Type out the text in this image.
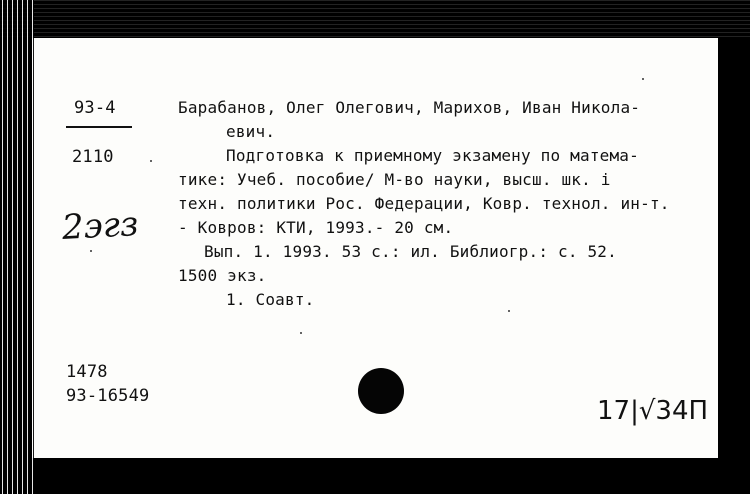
93-4
2110
2эгз
Барабанов, Олег Олегович, Марихов, Иван Никола-
евич.
Подготовка к приемному экзамену по матема-
тике: Учеб. пособие/ М-во науки, высш. шк. i
техн. политики Рос. Федерации, Ковр. технол. ин-т.
- Ковров: КТИ, 1993.- 20 см.
Вып. 1. 1993. 53 с.: ил. Библиогр.: с. 52.
1500 экз.
1. Соавт.
1478
93-16549	17|√34П
